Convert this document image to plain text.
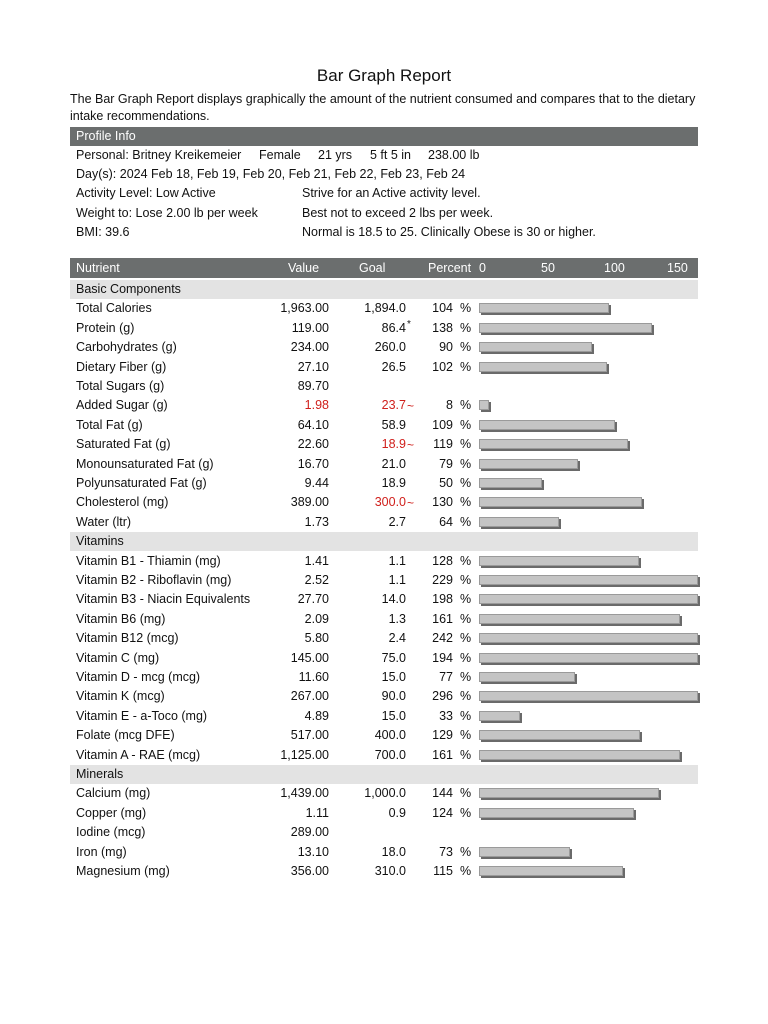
Bar Graph Report
The Bar Graph Report displays graphically the amount of the nutrient consumed and compares that to the dietary intake recommendations.
Profile Info
Personal: Britney Kreikemeier Female 21 yrs 5 ft 5 in 238.00 lb
Day(s): 2024 Feb 18, Feb 19, Feb 20, Feb 21, Feb 22, Feb 23, Feb 24
Activity Level: Low Active	Strive for an Active activity level.
Weight to: Lose 2.00 lb per week	Best not to exceed 2 lbs per week.
BMI: 39.6	Normal is 18.5 to 25. Clinically Obese is 30 or higher.
Nutrient	Value	Goal	Percent 0	50	100	150
Basic Components
Total Calories	1,963.00	1,894.0 104 %
Protein (g)	119.00	86.4 * 138 %
Carbohydrates (g)	234.00	260.0	90 %
Dietary Fiber (g)	27.10	26.5 102 %
Total Sugars (g)	89.70
Added Sugar (g)	1.98	23.7 ~	8 %
Total Fat (g)	64.10	58.9 109 %
Saturated Fat (g)	22.60	18.9 ~ 119 %
Monounsaturated Fat (g)	16.70	21.0	79 %
Polyunsaturated Fat (g)	9.44	18.9	50 %
Cholesterol (mg)	389.00	300.0 ~ 130 %
Water (ltr)	1.73	2.7	64 %
Vitamins
Vitamin B1 - Thiamin (mg)	1.41	1.1 128 %
Vitamin B2 - Riboflavin (mg)	2.52	1.1 229 %
Vitamin B3 - Niacin Equivalents	27.70	14.0 198 %
Vitamin B6 (mg)	2.09	1.3 161 %
Vitamin B12 (mcg)	5.80	2.4 242 %
Vitamin C (mg)	145.00	75.0 194 %
Vitamin D - mcg (mcg)	11.60	15.0	77 %
Vitamin K (mcg)	267.00	90.0 296 %
Vitamin E - a-Toco (mg)	4.89	15.0	33 %
Folate (mcg DFE)	517.00	400.0 129 %
Vitamin A - RAE (mcg)	1,125.00	700.0 161 %
Minerals
Calcium (mg)	1,439.00	1,000.0 144 %
Copper (mg)	1.11	0.9 124 %
Iodine (mcg)	289.00
Iron (mg)	13.10	18.0	73 %
Magnesium (mg)	356.00	310.0 115 %
